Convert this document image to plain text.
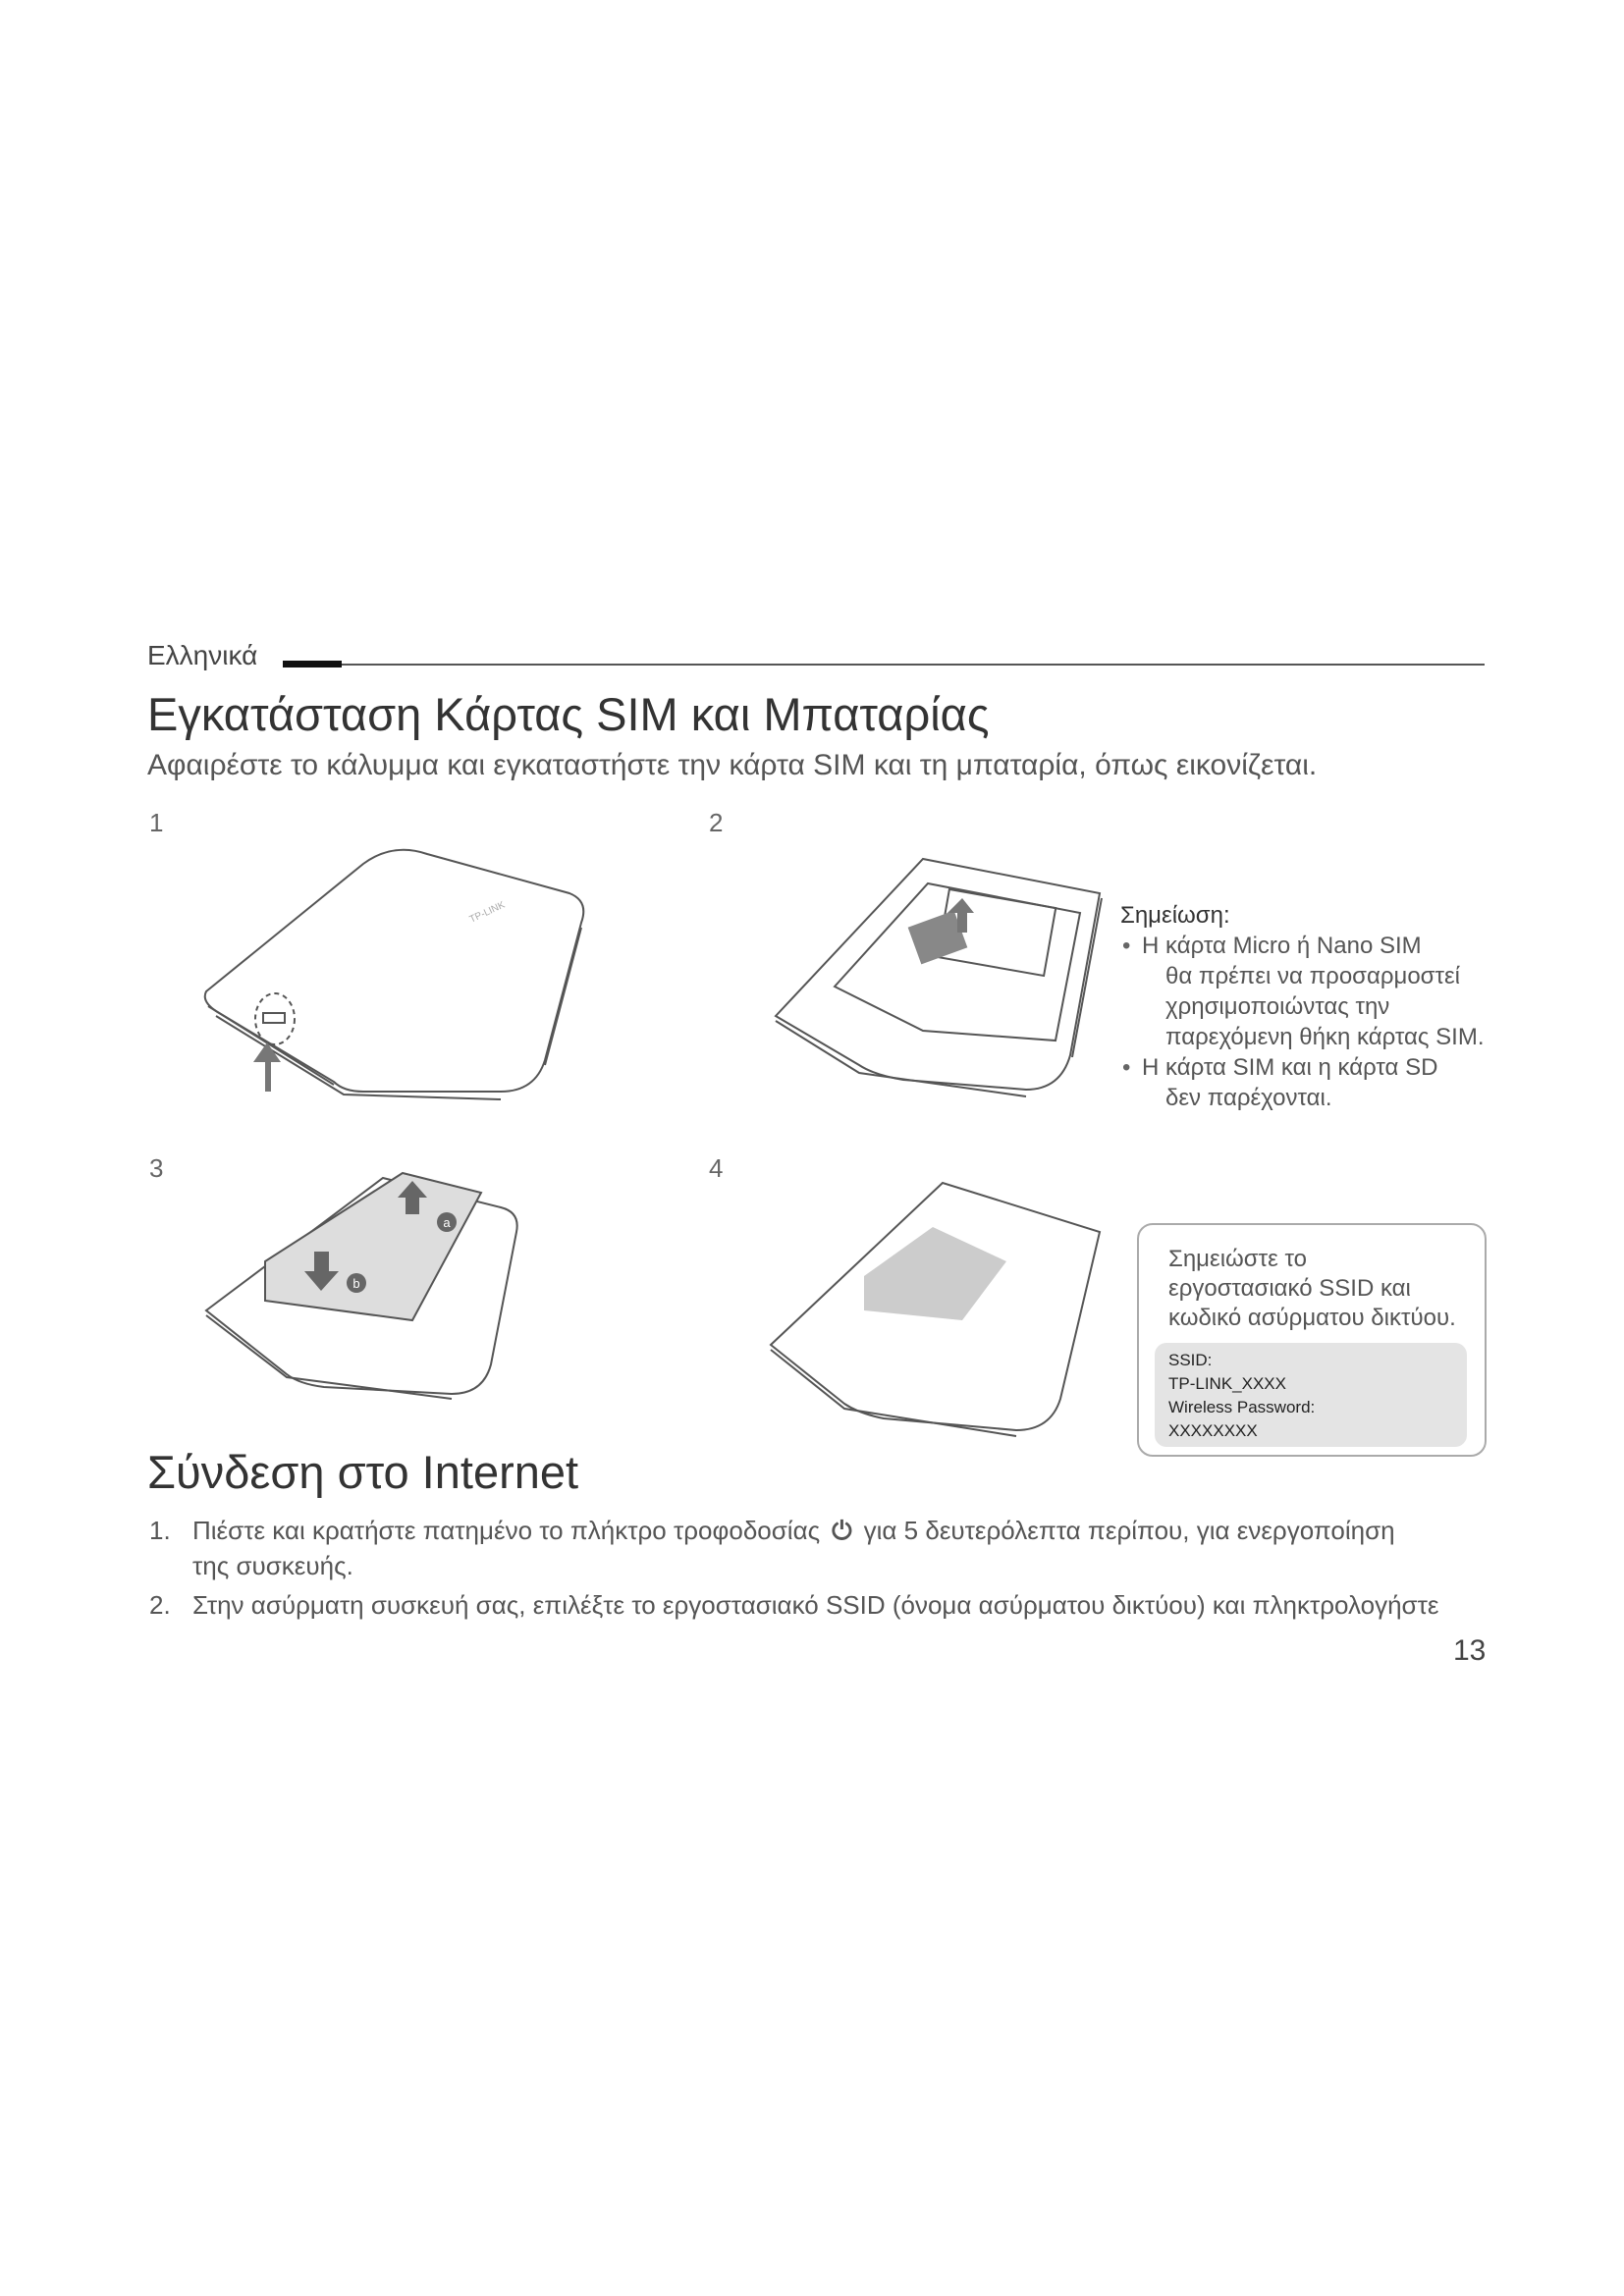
Ελληνικά
Εγκατάσταση Κάρτας SIM και Μπαταρίας
Αφαιρέστε το κάλυμμα και εγκαταστήστε την κάρτα SIM και τη μπαταρία, όπως εικονίζεται.
1	2
3	4
TP-LINK	Σημείωση:
• Η κάρτα Micro ή Nano SIM
θα πρέπει να προσαρμοστεί
χρησιμοποιώντας την
παρεχόμενη θήκη κάρτας SIM.
• Η κάρτα SIM και η κάρτα SD
δεν παρέχονται.
a
b
Σημειώστε το
εργοστασιακό SSID και
κωδικό ασύρματου δικτύου.
SSID:
TP-LINK_XXXX
Wireless Password:
XXXXXXXX
Σύνδεση στο Internet
1. Πιέστε και κρατήστε πατημένο το πλήκτρο τροφοδοσίας ⏻ για 5 δευτερόλεπτα περίπου, για ενεργοποίηση
της συσκευής.
2. Στην ασύρματη συσκευή σας, επιλέξτε το εργοστασιακό SSID (όνομα ασύρματου δικτύου) και πληκτρολογήστε
13
